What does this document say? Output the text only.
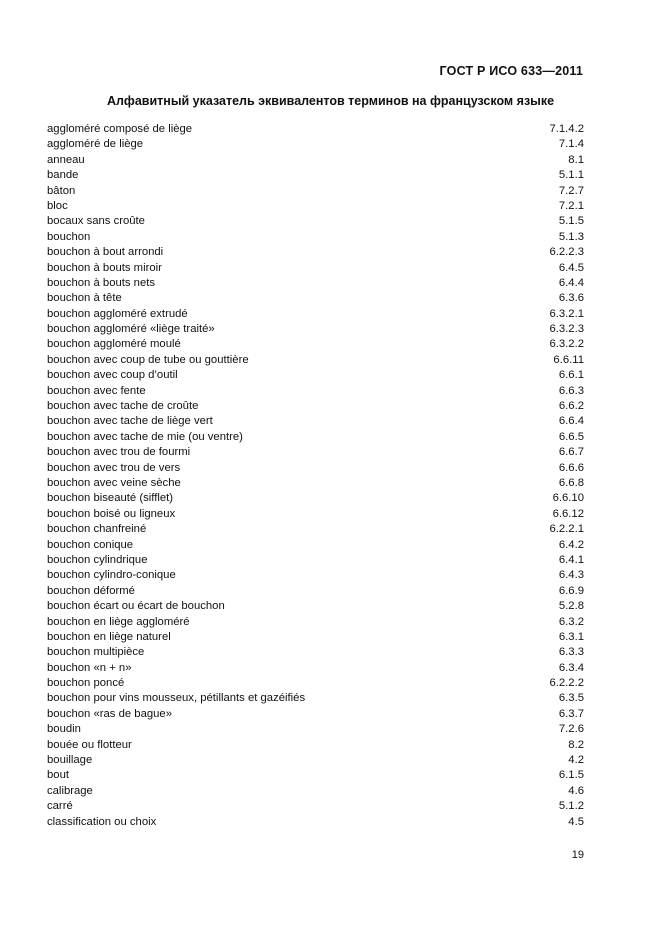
ГОСТ Р ИСО 633—2011
Алфавитный указатель эквивалентов терминов на французском языке
aggloméré composé de liège	7.1.4.2
aggloméré de liège	7.1.4
anneau	8.1
bande	5.1.1
bâton	7.2.7
bloc	7.2.1
bocaux sans croûte	5.1.5
bouchon	5.1.3
bouchon à bout arrondi	6.2.2.3
bouchon à bouts miroir	6.4.5
bouchon à bouts nets	6.4.4
bouchon à tête	6.3.6
bouchon aggloméré extrudé	6.3.2.1
bouchon aggloméré «liège traité»	6.3.2.3
bouchon aggloméré moulé	6.3.2.2
bouchon avec coup de tube ou gouttière	6.6.11
bouchon avec coup d’outil	6.6.1
bouchon avec fente	6.6.3
bouchon avec tache de croûte	6.6.2
bouchon avec tache de liège vert	6.6.4
bouchon avec tache de mie (ou ventre)	6.6.5
bouchon avec trou de fourmi	6.6.7
bouchon avec trou de vers	6.6.6
bouchon avec veine sèche	6.6.8
bouchon biseauté (sifflet)	6.6.10
bouchon boisé ou ligneux	6.6.12
bouchon chanfreiné	6.2.2.1
bouchon conique	6.4.2
bouchon cylindrique	6.4.1
bouchon cylindro-conique	6.4.3
bouchon déformé	6.6.9
bouchon écart ou écart de bouchon	5.2.8
bouchon en liège aggloméré	6.3.2
bouchon en liège naturel	6.3.1
bouchon multipièce	6.3.3
bouchon «n + n»	6.3.4
bouchon poncé	6.2.2.2
bouchon pour vins mousseux, pétillants et gazéifiés	6.3.5
bouchon «ras de bague»	6.3.7
boudin	7.2.6
bouée ou flotteur	8.2
bouillage	4.2
bout	6.1.5
calibrage	4.6
carré	5.1.2
classification ou choix	4.5
19
